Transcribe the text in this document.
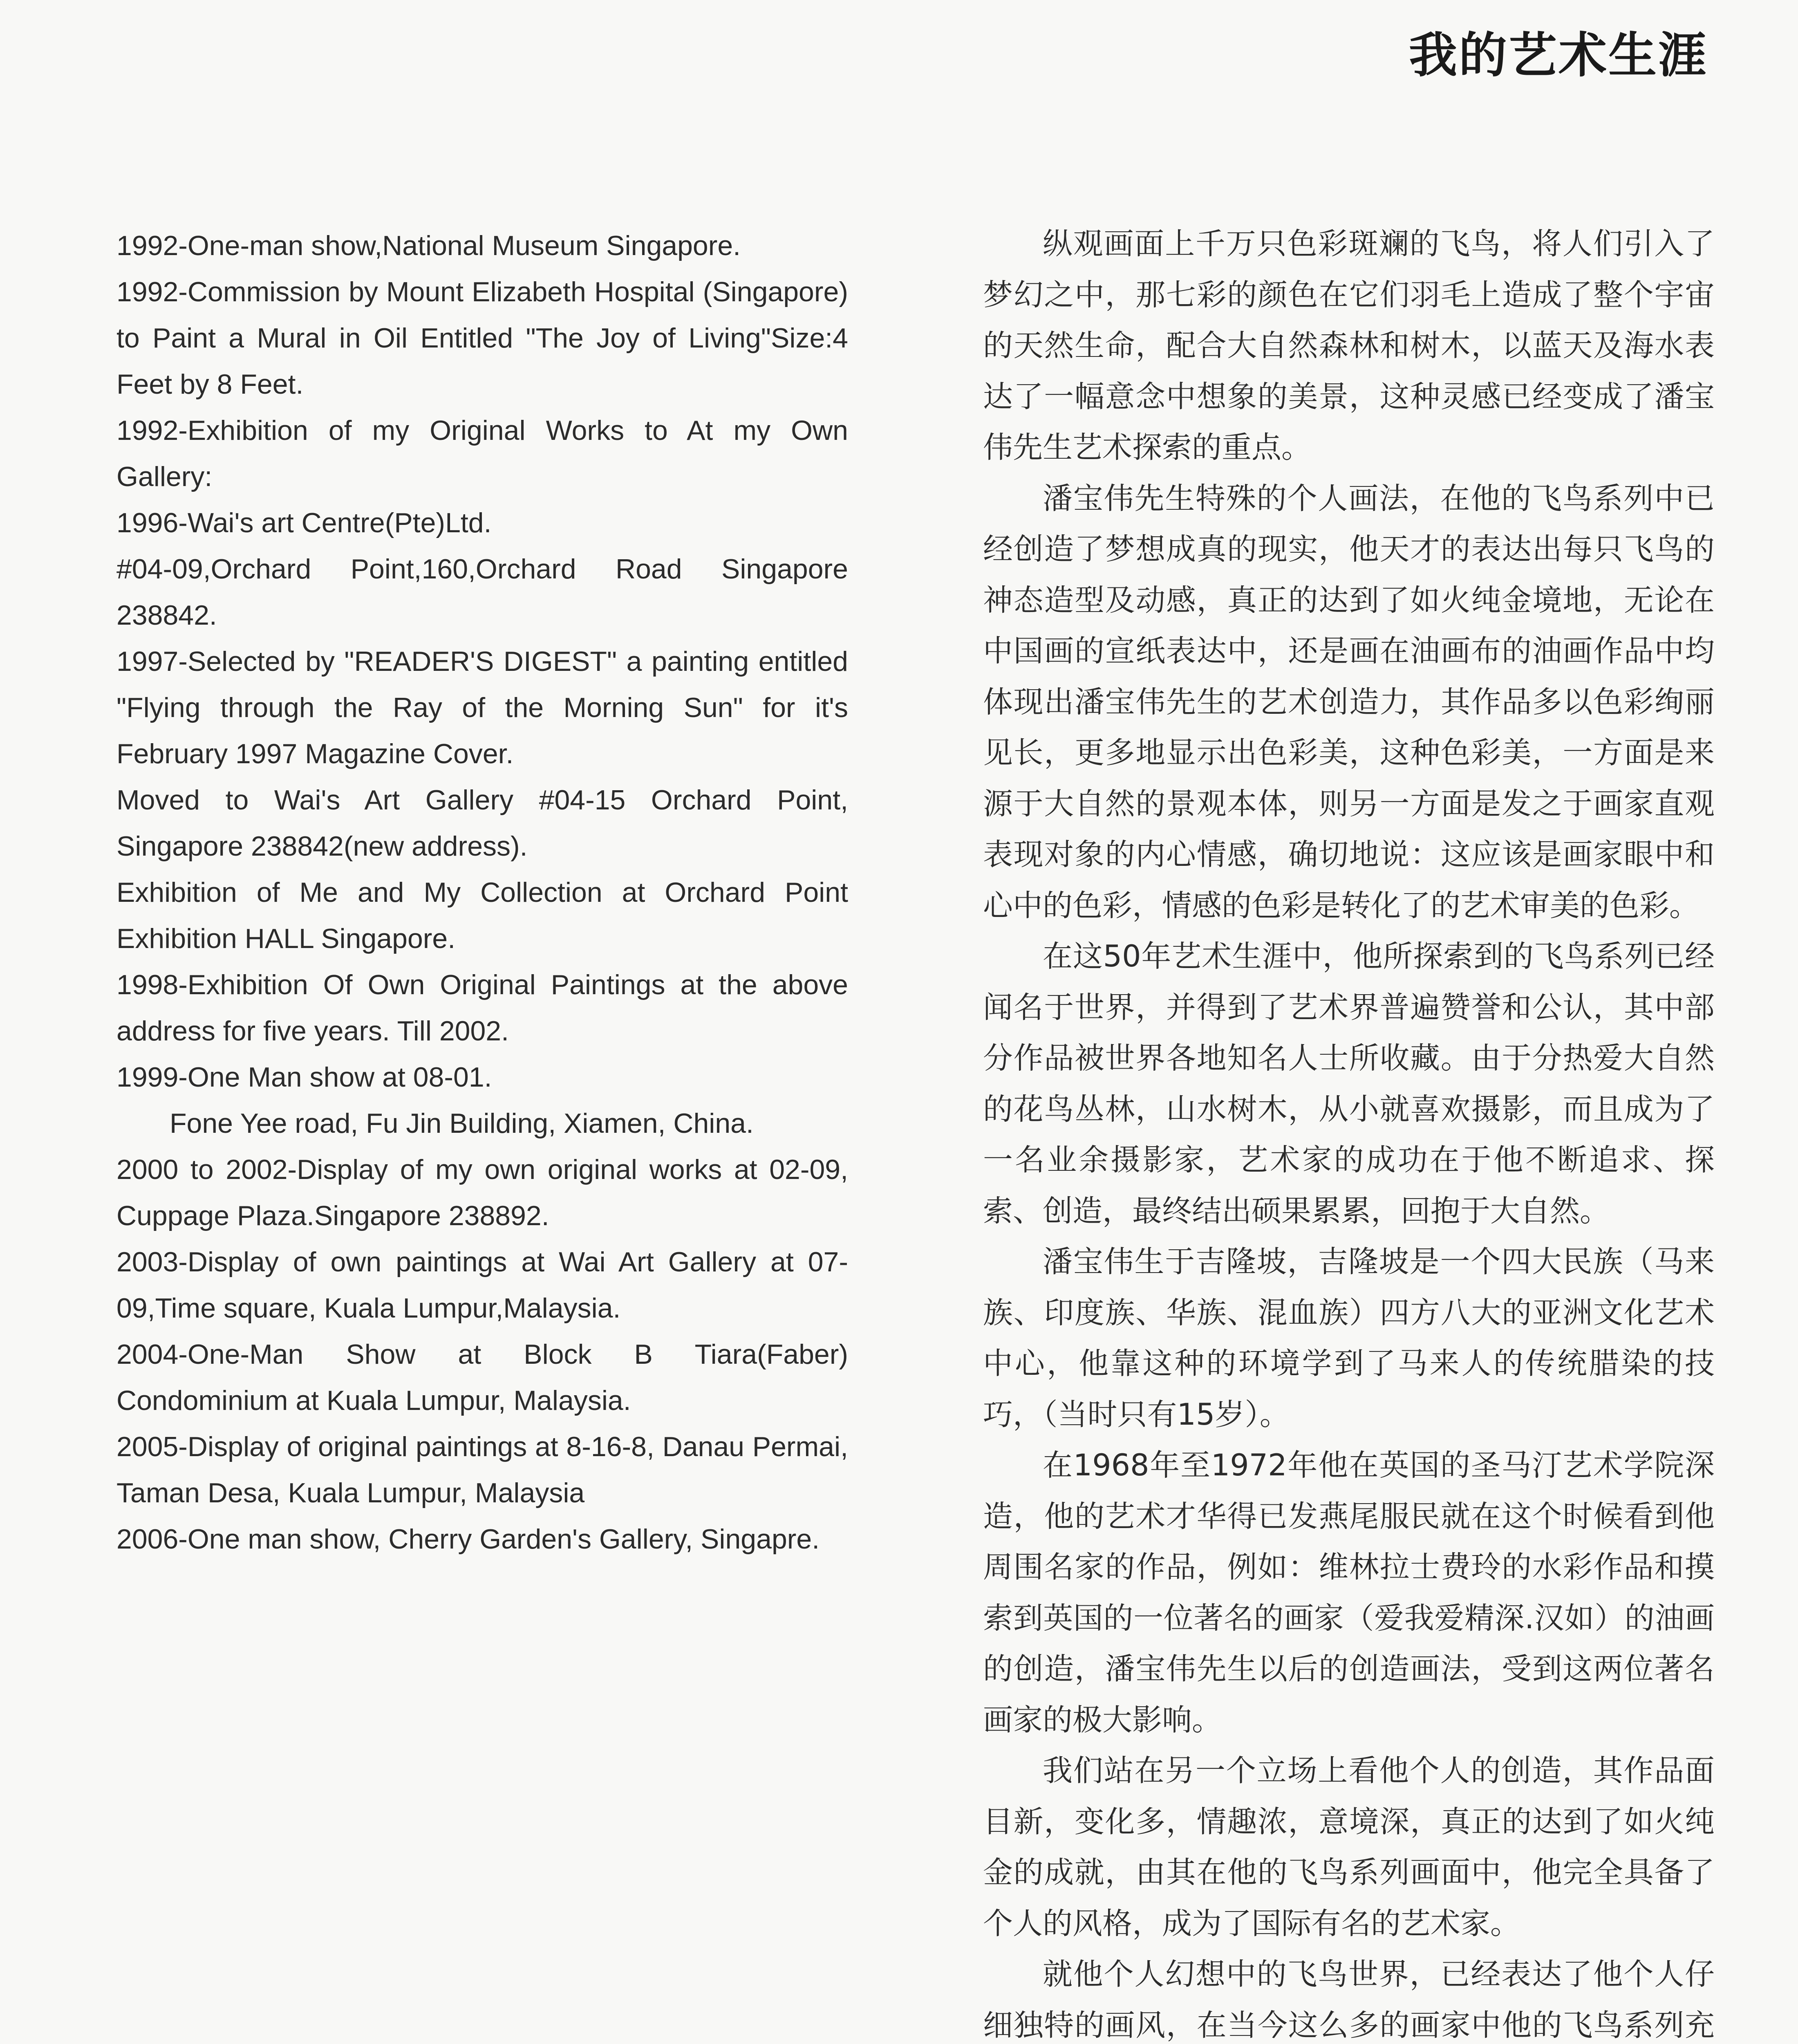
我的艺术生涯

1992-One-man show,National Museum Singapore.

1992-Commission by Mount Elizabeth Hospital (Singapore) to Paint a Mural in Oil Entitled "The Joy of Living"Size:4 Feet by 8 Feet.

1992-Exhibition of my Original Works to At my Own Gallery:

1996-Wai's art Centre(Pte)Ltd.

#04-09,Orchard Point,160,Orchard Road Singapore 238842.

1997-Selected by "READER'S DIGEST" a painting entitled "Flying through the Ray of the Morning Sun" for it's February 1997 Magazine Cover.

Moved to Wai's Art Gallery #04-15 Orchard Point, Singapore 238842(new address).

Exhibition of Me and My Collection at Orchard Point Exhibition HALL Singapore.

1998-Exhibition Of Own Original Paintings at the above address for five years. Till 2002.

1999-One Man show at 08-01.

Fone Yee road, Fu Jin Building, Xiamen, China.

2000 to 2002-Display of my own original works at 02-09, Cuppage Plaza.Singapore 238892.

2003-Display of own paintings at Wai Art Gallery at 07-09,Time square, Kuala Lumpur,Malaysia.

2004-One-Man Show at Block B Tiara(Faber) Condominium at Kuala Lumpur, Malaysia.

2005-Display of original paintings at 8-16-8, Danau Permai, Taman Desa, Kuala Lumpur, Malaysia

2006-One man show, Cherry Garden's Gallery, Singapre.

纵观画面上千万只色彩斑斓的飞鸟，将人们引入了梦幻之中，那七彩的颜色在它们羽毛上造成了整个宇宙的天然生命，配合大自然森林和树木，以蓝天及海水表达了一幅意念中想象的美景，这种灵感已经变成了潘宝伟先生艺术探索的重点。

潘宝伟先生特殊的个人画法，在他的飞鸟系列中已经创造了梦想成真的现实，他天才的表达出每只飞鸟的神态造型及动感，真正的达到了如火纯金境地，无论在中国画的宣纸表达中，还是画在油画布的油画作品中均体现出潘宝伟先生的艺术创造力，其作品多以色彩绚丽见长，更多地显示出色彩美，这种色彩美，一方面是来源于大自然的景观本体，则另一方面是发之于画家直观表现对象的内心情感，确切地说：这应该是画家眼中和心中的色彩，情感的色彩是转化了的艺术审美的色彩。

在这50年艺术生涯中，他所探索到的飞鸟系列已经闻名于世界，并得到了艺术界普遍赞誉和公认，其中部分作品被世界各地知名人士所收藏。由于分热爱大自然的花鸟丛林，山水树木，从小就喜欢摄影，而且成为了一名业余摄影家，艺术家的成功在于他不断追求、探索、创造，最终结出硕果累累，回抱于大自然。

潘宝伟生于吉隆坡，吉隆坡是一个四大民族（马来族、印度族、华族、混血族）四方八大的亚洲文化艺术中心，他靠这种的环境学到了马来人的传统腊染的技巧，（当时只有15岁）。

在1968年至1972年他在英国的圣马汀艺术学院深造，他的艺术才华得已发燕尾服民就在这个时候看到他周围名家的作品，例如：维林拉士费玲的水彩作品和摸索到英国的一位著名的画家（爱我爱精深.汉如）的油画的创造，潘宝伟先生以后的创造画法，受到这两位著名画家的极大影响。

我们站在另一个立场上看他个人的创造，其作品面目新，变化多，情趣浓，意境深，真正的达到了如火纯金的成就，由其在他的飞鸟系列画面中，他完全具备了个人的风格，成为了国际有名的艺术家。

就他个人幻想中的飞鸟世界，已经表达了他个人仔细独特的画风，在当今这么多的画家中他的飞鸟系列充
